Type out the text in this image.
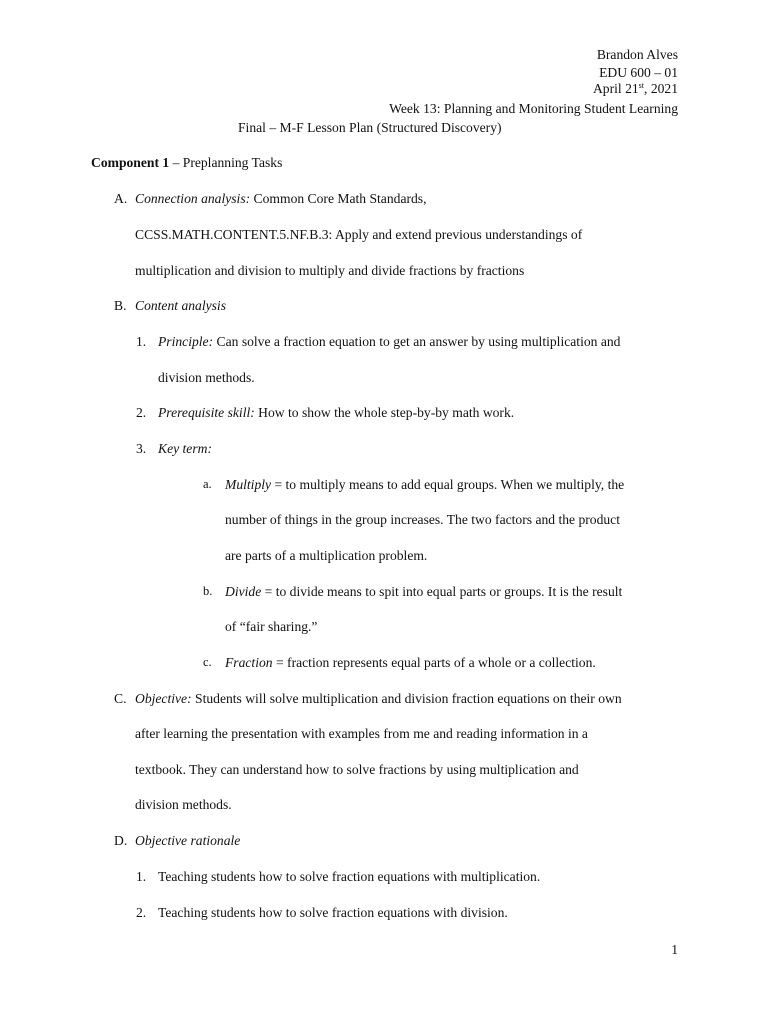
Brandon Alves
EDU 600 – 01
April 21st, 2021
Week 13: Planning and Monitoring Student Learning
Final – M-F Lesson Plan (Structured Discovery)
Component 1 – Preplanning Tasks
A. Connection analysis: Common Core Math Standards,
CCSS.MATH.CONTENT.5.NF.B.3: Apply and extend previous understandings of
multiplication and division to multiply and divide fractions by fractions
B. Content analysis
1. Principle: Can solve a fraction equation to get an answer by using multiplication and
division methods.
2. Prerequisite skill: How to show the whole step-by-by math work.
3. Key term:
a. Multiply = to multiply means to add equal groups. When we multiply, the
number of things in the group increases. The two factors and the product
are parts of a multiplication problem.
b. Divide = to divide means to spit into equal parts or groups. It is the result
of “fair sharing.”
c. Fraction = fraction represents equal parts of a whole or a collection.
C. Objective: Students will solve multiplication and division fraction equations on their own
after learning the presentation with examples from me and reading information in a
textbook. They can understand how to solve fractions by using multiplication and
division methods.
D. Objective rationale
1. Teaching students how to solve fraction equations with multiplication.
2. Teaching students how to solve fraction equations with division.
1
